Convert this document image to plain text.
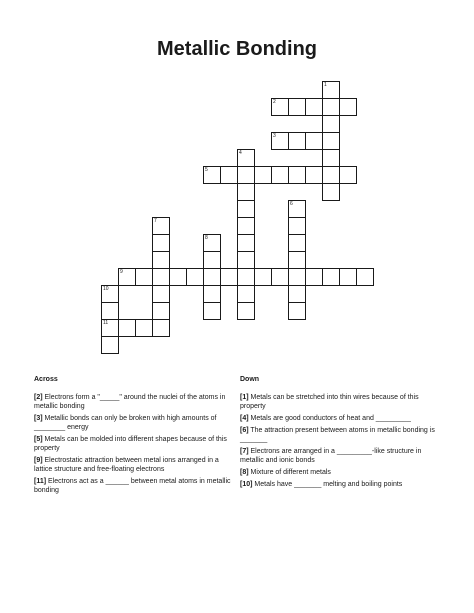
Metallic Bonding
1
2
3
4
5
6
7
8
9
10
11
Across
[2] Electrons form a "_____" around the nuclei of the atoms in metallic bonding
[3] Metallic bonds can only be broken with high amounts of ________ energy
[5] Metals can be molded into different shapes because of this property
[9] Electrostatic attraction between metal ions arranged in a lattice structure and free-floating electrons
[11] Electrons act as a ______ between metal atoms in metallic bonding
Down
[1] Metals can be stretched into thin wires because of this property
[4] Metals are good conductors of heat and _________
[6] The attraction present between atoms in metallic bonding is _______
[7] Electrons are arranged in a _________-like structure in metallic and ionic bonds
[8] Mixture of different metals
[10] Metals have _______ melting and boiling points
